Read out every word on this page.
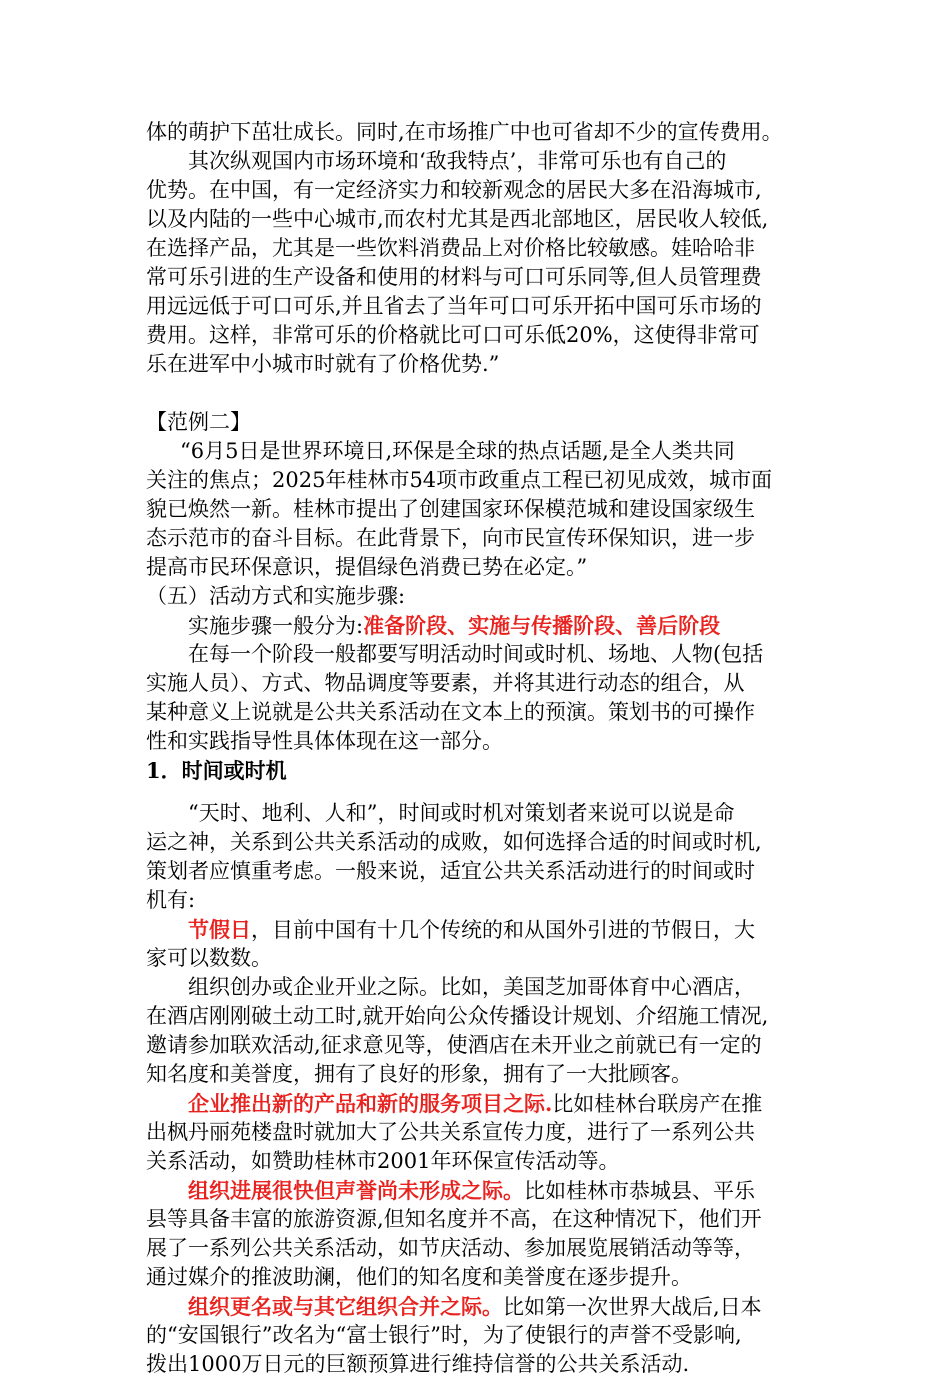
体的萌护下茁壮成长。同时,在市场推广中也可省却不少的宣传费用。
其次纵观国内市场环境和‘敌我特点’，非常可乐也有自己的
优势。在中国，有一定经济实力和较新观念的居民大多在沿海城市,
以及内陆的一些中心城市,而农村尤其是西北部地区，居民收人较低,
在选择产品，尤其是一些饮料消费品上对价格比较敏感。娃哈哈非
常可乐引进的生产设备和使用的材料与可口可乐同等,但人员管理费
用远远低于可口可乐,并且省去了当年可口可乐开拓中国可乐市场的
费用。这样，非常可乐的价格就比可口可乐低20%，这使得非常可
乐在进军中小城市时就有了价格优势.”
【范例二】
“6月5日是世界环境日,环保是全球的热点话题,是全人类共同
关注的焦点；2025年桂林市54项市政重点工程已初见成效，城市面
貌已焕然一新。桂林市提出了创建国家环保模范城和建设国家级生
态示范市的奋斗目标。在此背景下，向市民宣传环保知识，进一步
提高市民环保意识，提倡绿色消费已势在必定。”
（五）活动方式和实施步骤:
实施步骤一般分为:准备阶段、实施与传播阶段、善后阶段
在每一个阶段一般都要写明活动时间或时机、场地、人物(包括
实施人员）、方式、物品调度等要素，并将其进行动态的组合，从
某种意义上说就是公共关系活动在文本上的预演。策划书的可操作
性和实践指导性具体体现在这一部分。
1．时间或时机
“天时、地利、人和”，时间或时机对策划者来说可以说是命
运之神，关系到公共关系活动的成败，如何选择合适的时间或时机,
策划者应慎重考虑。一般来说，适宜公共关系活动进行的时间或时
机有:
节假日，目前中国有十几个传统的和从国外引进的节假日，大
家可以数数。
组织创办或企业开业之际。比如，美国芝加哥体育中心酒店，
在酒店刚刚破土动工时,就开始向公众传播设计规划、介绍施工情况,
邀请参加联欢活动,征求意见等，使酒店在未开业之前就已有一定的
知名度和美誉度，拥有了良好的形象，拥有了一大批顾客。
企业推出新的产品和新的服务项目之际.比如桂林台联房产在推
出枫丹丽苑楼盘时就加大了公共关系宣传力度，进行了一系列公共
关系活动，如赞助桂林市2001年环保宣传活动等。
组织进展很快但声誉尚未形成之际。比如桂林市恭城县、平乐
县等具备丰富的旅游资源,但知名度并不高，在这种情况下，他们开
展了一系列公共关系活动，如节庆活动、参加展览展销活动等等，
通过媒介的推波助澜，他们的知名度和美誉度在逐步提升。
组织更名或与其它组织合并之际。比如第一次世界大战后,日本
的“安国银行”改名为“富士银行”时，为了使银行的声誉不受影响,
拨出1000万日元的巨额预算进行维持信誉的公共关系活动.
